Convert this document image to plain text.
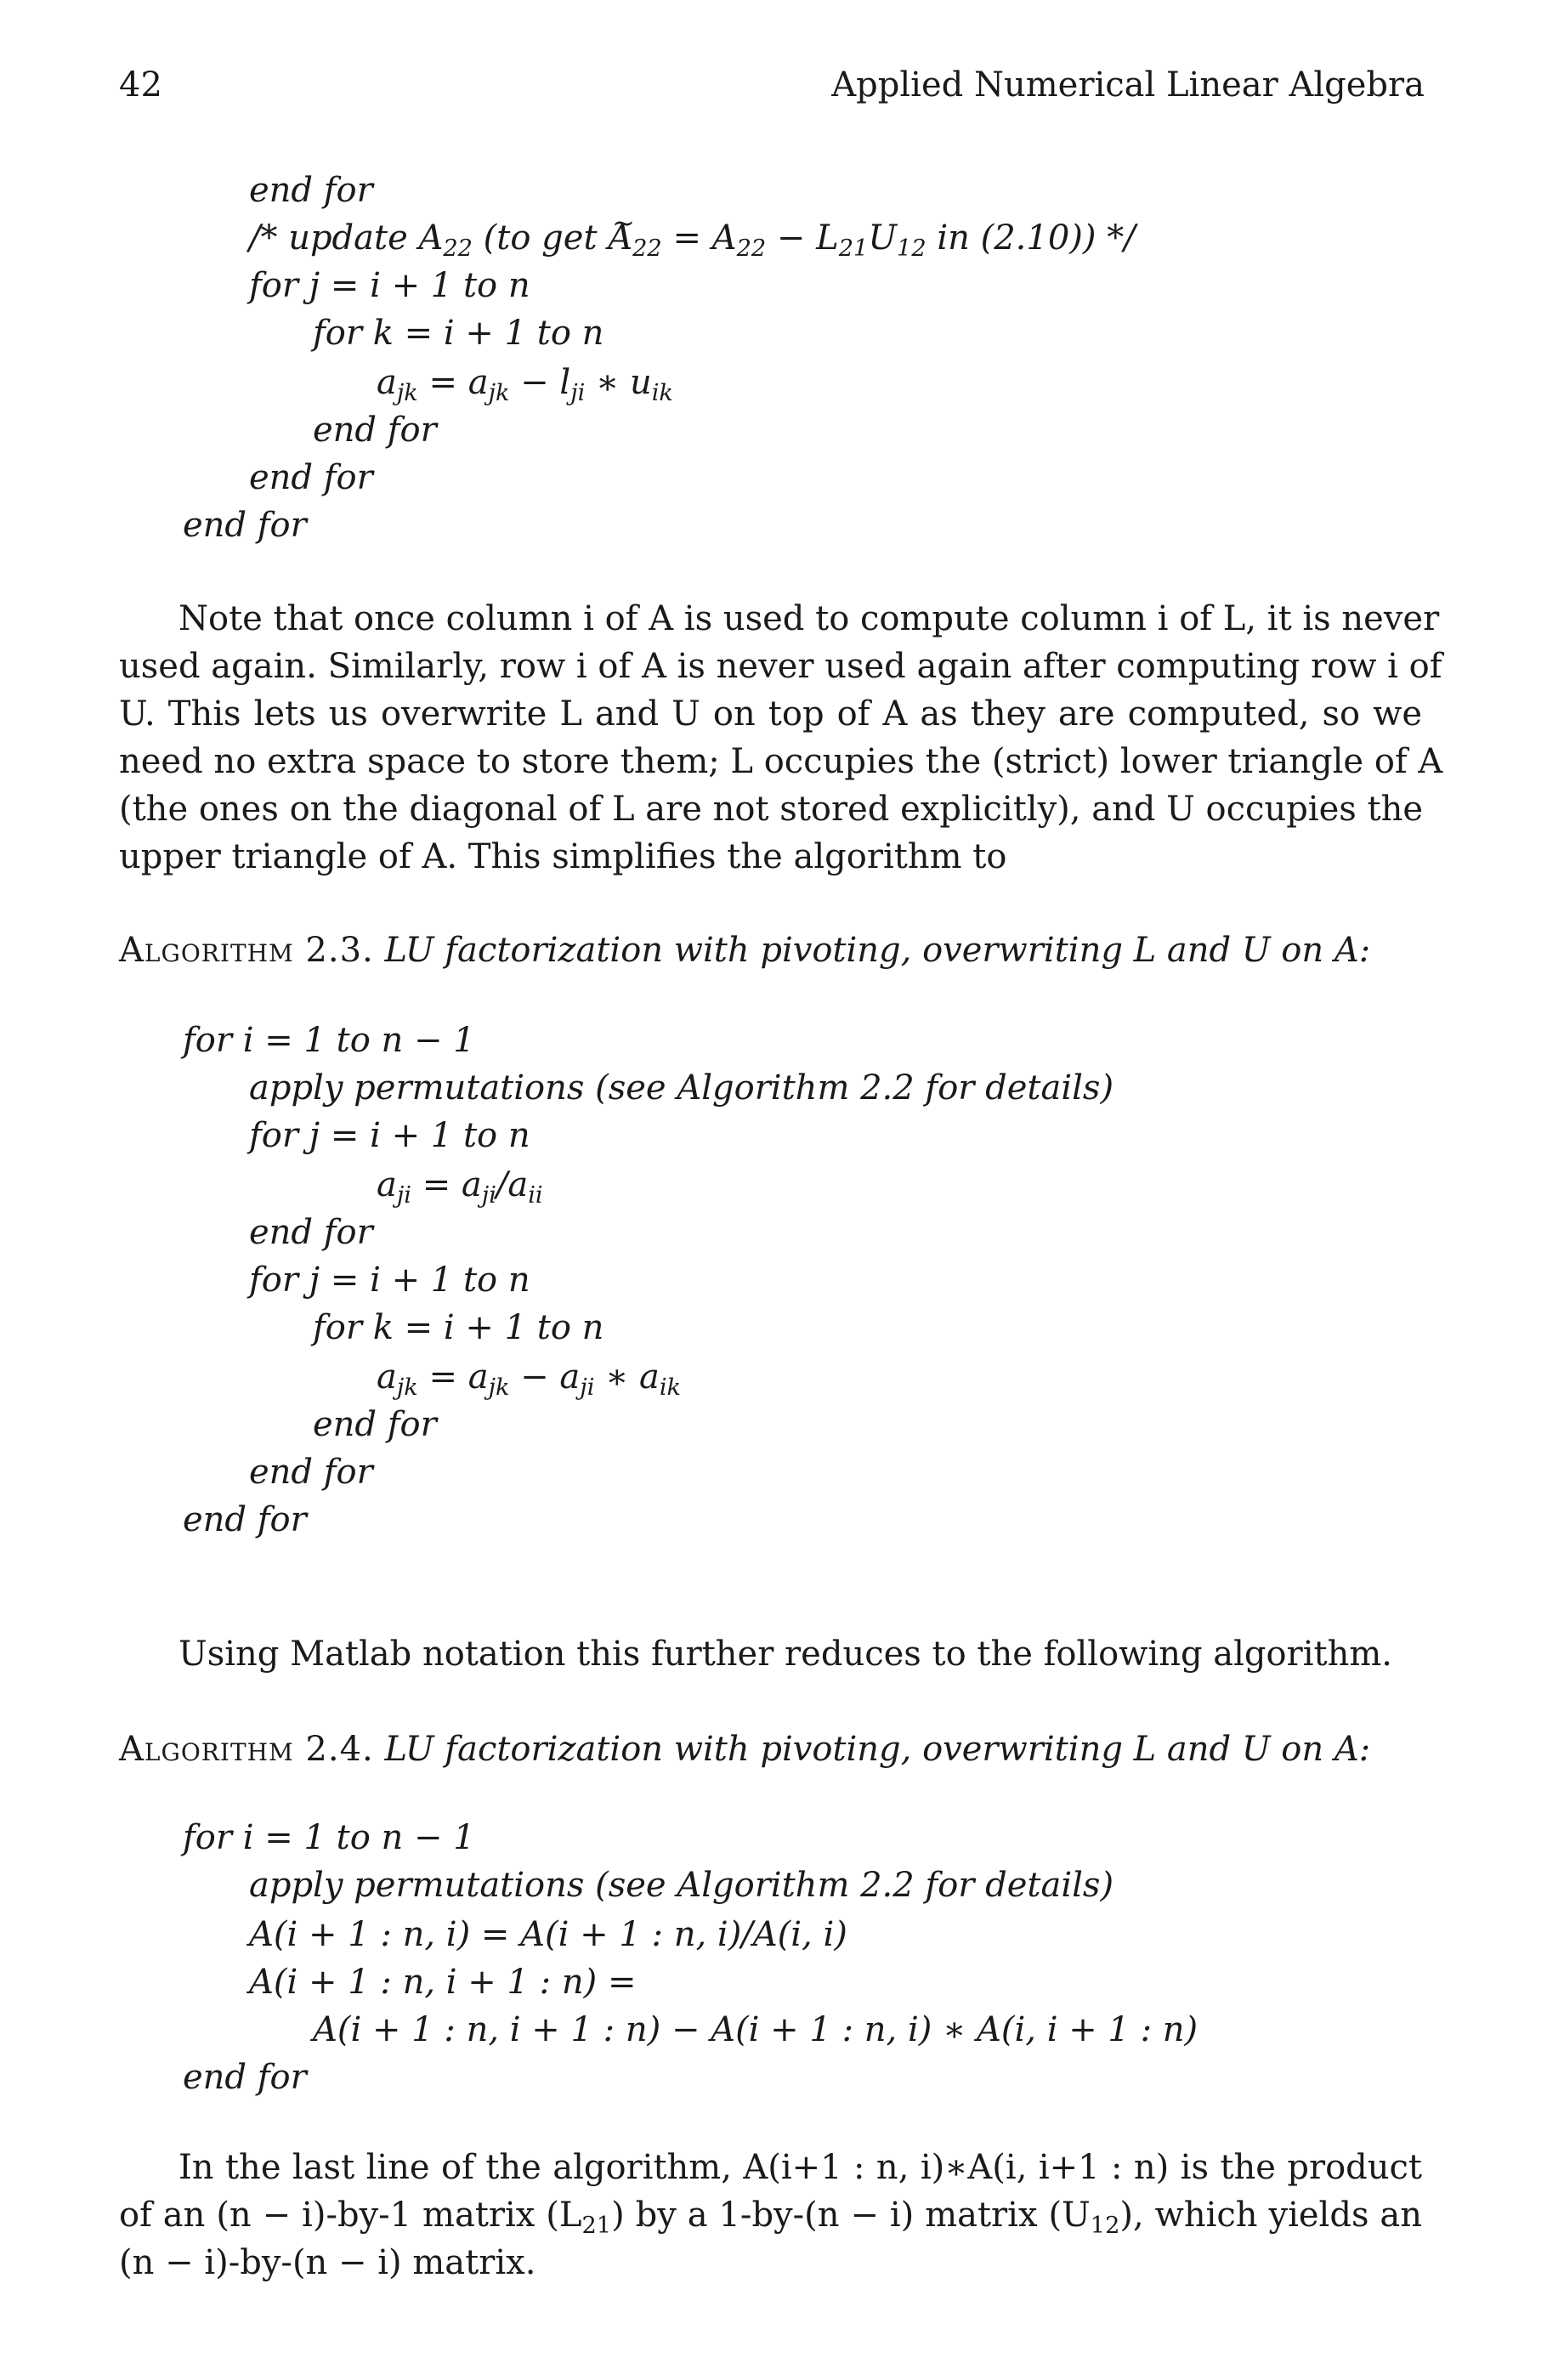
42	Applied Numerical Linear Algebra
end for
/* update $A_{22}$ (to get ~ $A_{22} = A_{22} - L_{21}U_{12}$ in (2.10)) */
for j = i + 1 to n
for k = i + 1 to n
$a_{jk} = a_{jk} - l_{ji}$ ∗ $u_{ik}$
end for
end for
end for
Note that once column i of A is used to compute column i of L, it is never
used again. Similarly, row i of A is never used again after computing row i of
U. This lets us overwrite L and U on top of A as they are computed, so we
need no extra space to store them; L occupies the (strict) lower triangle of A
(the ones on the diagonal of L are not stored explicitly), and U occupies the
upper triangle of A. This simplifies the algorithm to
Algorithm 2.3. LU factorization with pivoting, overwriting L and U on A:
for i = 1 to n − 1
apply permutations (see Algorithm 2.2 for details)
for j = i + 1 to n
$a_{ji} = a_{ji}/a_{ii}$
end for
for j = i + 1 to n
for k = i + 1 to n
$a_{jk} = a_{jk} - a_{ji}$ ∗ $a_{ik}$
end for
end for
end for
Using Matlab notation this further reduces to the following algorithm.
Algorithm 2.4. LU factorization with pivoting, overwriting L and U on A:
for i = 1 to n − 1
apply permutations (see Algorithm 2.2 for details)
A(i + 1 : n, i) = A(i + 1 : n, i)/A(i, i)
A(i + 1 : n, i + 1 : n) =
A(i + 1 : n, i + 1 : n) − A(i + 1 : n, i) ∗ A(i, i + 1 : n)
end for
In the last line of the algorithm, A(i+1 : n, i)∗A(i, i+1 : n) is the product
of an (n − i)-by-1 matrix $(L_{21})$ by a 1-by-(n − i) matrix $(U_{12})$, which yields an
(n − i)-by-(n − i) matrix.
